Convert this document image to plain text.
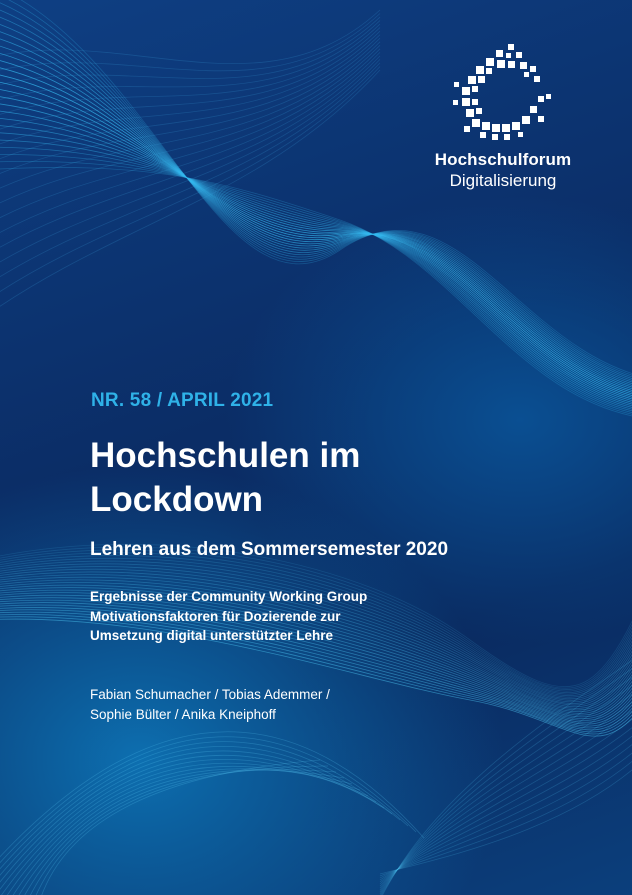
Hochschulforum
Digitalisierung
NR. 58 / APRIL 2021
Hochschulen im Lockdown
Lehren aus dem Sommersemester 2020
Ergebnisse der Community Working Group
Motivationsfaktoren für Dozierende zur
Umsetzung digital unterstützter Lehre
Fabian Schumacher / Tobias Ademmer /
Sophie Bülter / Anika Kneiphoff
